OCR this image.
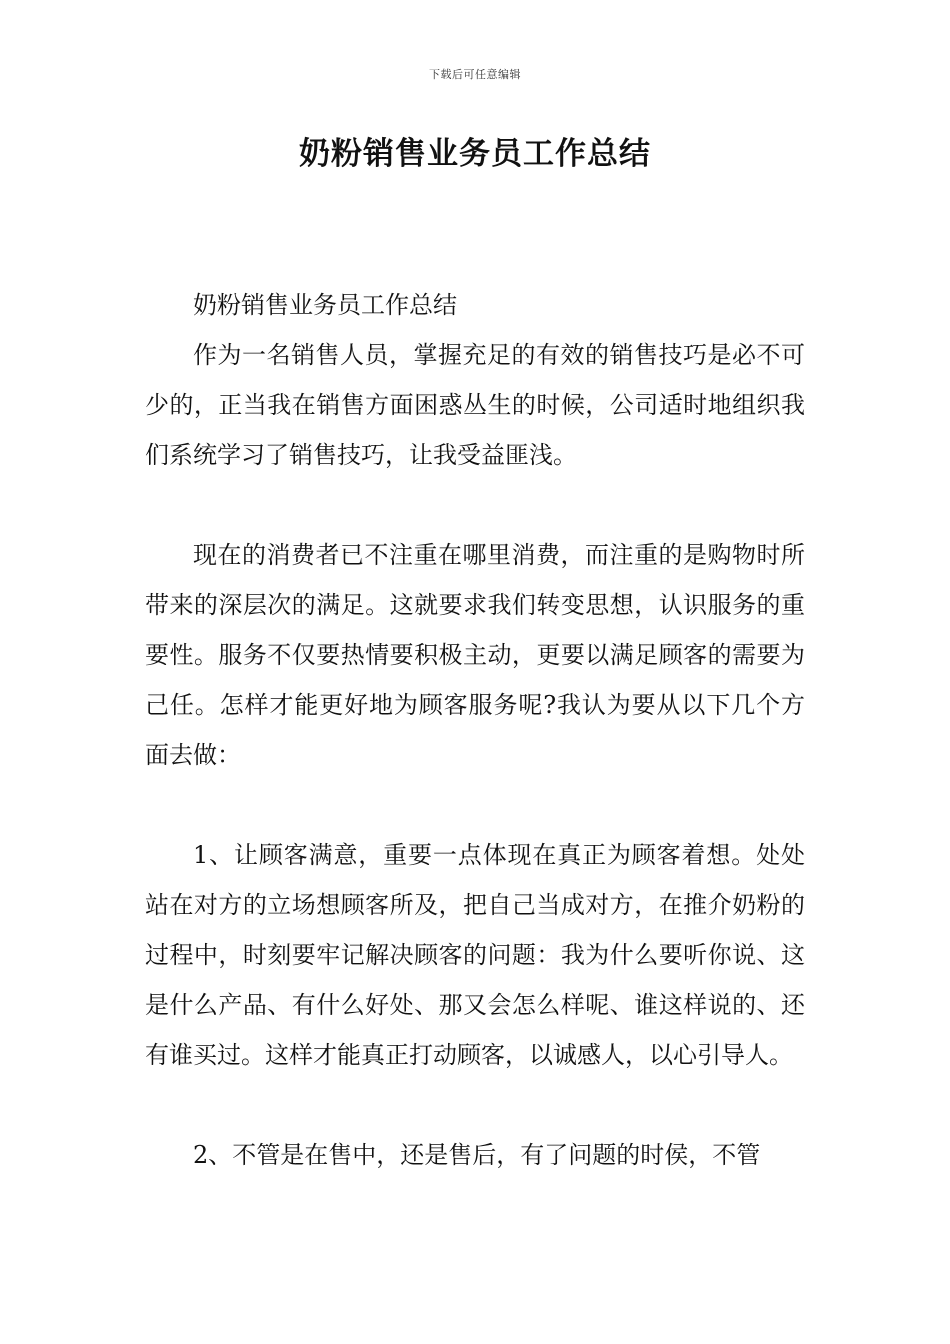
下载后可任意编辑
奶粉销售业务员工作总结

奶粉销售业务员工作总结

作为一名销售人员，掌握充足的有效的销售技巧是必不可少的，正当我在销售方面困惑丛生的时候，公司适时地组织我们系统学习了销售技巧，让我受益匪浅。

现在的消费者已不注重在哪里消费，而注重的是购物时所带来的深层次的满足。这就要求我们转变思想，认识服务的重要性。服务不仅要热情要积极主动，更要以满足顾客的需要为己任。怎样才能更好地为顾客服务呢?我认为要从以下几个方面去做：

1、让顾客满意，重要一点体现在真正为顾客着想。处处站在对方的立场想顾客所及，把自己当成对方，在推介奶粉的过程中，时刻要牢记解决顾客的问题：我为什么要听你说、这是什么产品、有什么好处、那又会怎么样呢、谁这样说的、还有谁买过。这样才能真正打动顾客，以诚感人，以心引导人。

2、不管是在售中，还是售后，有了问题的时侯，不管
